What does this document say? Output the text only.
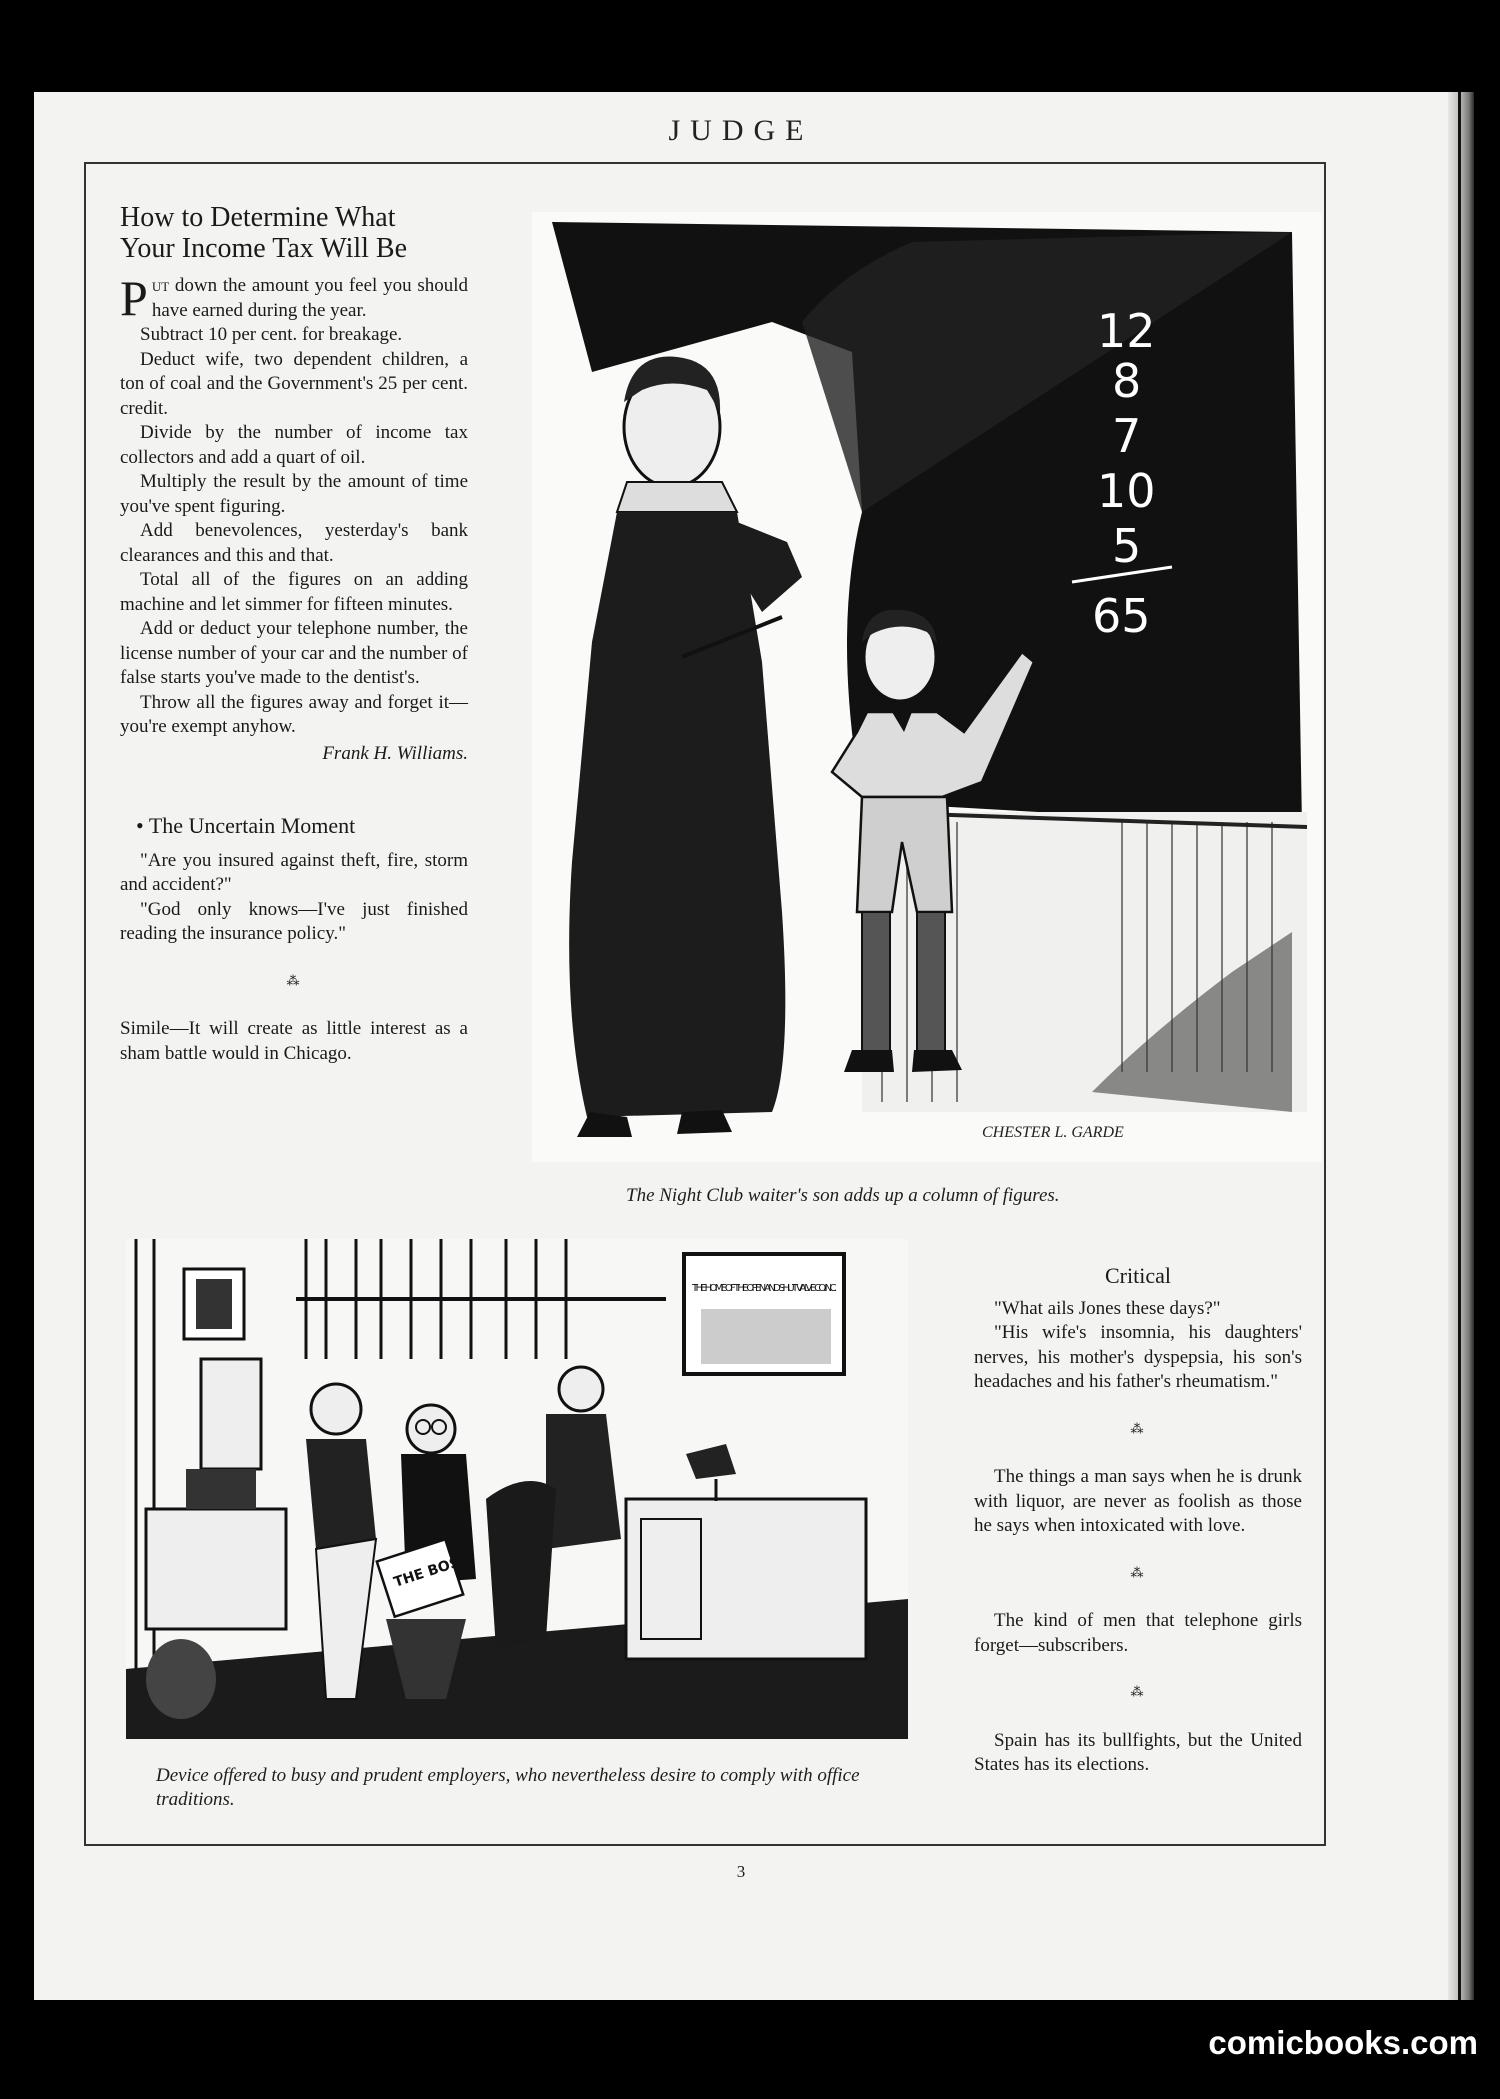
JUDGE
How to Determine What
Your Income Tax Will Be

Put down the amount you feel you should have earned during the year.

Subtract 10 per cent. for breakage.

Deduct wife, two dependent children, a ton of coal and the Government's 25 per cent. credit.

Divide by the number of income tax collectors and add a quart of oil.

Multiply the result by the amount of time you've spent figuring.

Add benevolences, yesterday's bank clearances and this and that.

Total all of the figures on an adding machine and let simmer for fifteen minutes.

Add or deduct your telephone number, the license number of your car and the number of false starts you've made to the dentist's.

Throw all the figures away and forget it—you're exempt anyhow.

Frank H. Williams.

• The Uncertain Moment

"Are you insured against theft, fire, storm and accident?"

"God only knows—I've just finished reading the insurance policy."

⁂

Simile—It will create as little interest as a sham battle would in Chicago.

12
8
7
10
5
65
CHESTER L. GARDE
The Night Club waiter's son adds up a column of figures.
THE HOME OF THE OPEN AND SHUT VALVE CO. INC.
THE BOSS
Device offered to busy and prudent employers, who nevertheless desire to comply with office traditions.
Critical

"What ails Jones these days?"

"His wife's insomnia, his daughters' nerves, his mother's dyspepsia, his son's headaches and his father's rheumatism."

⁂

The things a man says when he is drunk with liquor, are never as foolish as those he says when intoxicated with love.

⁂

The kind of men that telephone girls forget—subscribers.

⁂

Spain has its bullfights, but the United States has its elections.

3
comicbooks.com
